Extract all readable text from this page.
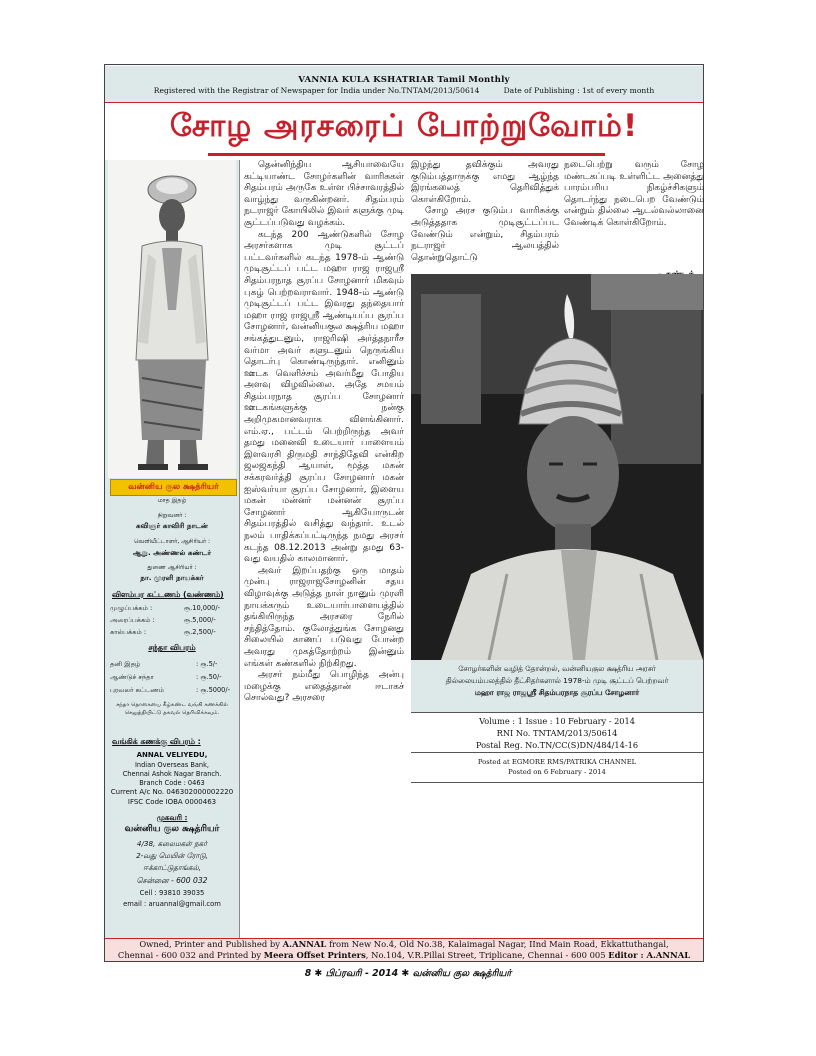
VANNIA KULA KSHATRIAR Tamil Monthly
Registered with the Registrar of Newspaper for India under No.TNTAM/2013/50614	Date of Publishing : 1st of every month
சோழ அரசரைப் போற்றுவோம்!
வன்னிய குல க்ஷத்ரியர்
மாத இதழ்
நிறுவனர் :
கவிஞர் காவிரி நாடன்
வெளியீட்டாளர், ஆசிரியர் :
ஆறு. அண்ணல் கண்டர்
துணை ஆசிரியர் :
நா. முரளி நாயக்கர்
விளம்பர கட்டணம் (வண்ணம்)
முழுப்பக்கம் :	ரூ.10,000/-
அரைப்பக்கம் :	ரூ.5,000/-
கால்பக்கம் :	ரூ.2,500/-
சந்தா விபரம்
தனி இதழ்	: ரூ.5/-
ஆண்டுச் சந்தா	: ரூ.50/-
புரவலர் கட்டணம்	: ரூ.5000/-
சந்தா தொகையை கீழ்கண்ட வங்கி கணக்கில் செலுத்தியிட்டு தகவல் தெரிவிக்கவும்.
வங்கிக் கணக்கு விபரம் :
ANNAL VELIYEDU,
Indian Overseas Bank,
Chennai Ashok Nagar Branch.
Branch Code : 0463
Current A/c No. 046302000002220
IFSC Code IOBA 0000463
முகவரி :
வன்னிய குல க்ஷத்ரியர்
4/38, கலைமகள் நகர்
2-வது மெயின் ரோடு,
ஈக்காட்டுதாங்கல்,
சென்னை - 600 032
Cell : 93810 39035
email : aruannal@gmail.com

தென்னிந்திய ஆசியாவையே கட்டியாண்ட சோழர்களின் வாரிசுகள் சிதம்பரம் அருகே உள்ள பிச்சாவரத்தில் வாழ்ந்து வருகின்றனர். சிதம்பரம் நடராஜர் கோயிலில் இவர் களுக்கு முடி சூட்டப்படுவது வழக்கம்.

கடந்த 200 ஆண்டுகளில் சோழ அரசர்களாக முடி சூட்டப் பட்டவர்களில் கடந்த 1978-ம் ஆண்டு முடிசூட்டப் பட்ட மஹா ராஜ ராஜஸ்ரீ சிதம்பரநாத சூரப்ப சோழனார் மிகவும் புகழ் பெற்றவராவார். 1948-ம் ஆண்டு முடிசூட்டப் பட்ட இவரது தந்தையார் மஹா ராஜ ராஜஸ்ரீ ஆண்டியப்ப சூரப்ப சோழனார், வன்னியகுல க்ஷத்ரிய மஹா சங்கத்துடனும், ராஜரிஷி அர்த்தநாரீச வர்மா அவர் களுடனும் நெருங்கிய தொடர்பு கொண்டிருந்தார். எனினும் ஊடக வெளிச்சம் அவர்மீது போதிய அளவு விழவில்லை. அதே சமயம் சிதம்பரநாத சூரப்ப சோழனார் ஊடகங்களுக்கு நன்கு அறிமுகமானவராக விளங்கினார். எம்.ஏ., பட்டம் பெற்றிருந்த அவர் தமது மனைவி உடையார் பாளையம் இளவரசி திருமதி சாந்திதேவி என்கிற ஜலஜகந்தி ஆயாள், மூத்த மகன் சக்கரவர்த்தி சூரப்ப சோழனார் மகன் ஐஸ்வர்யா சூரப்ப சோழனார், இளைய மகன் மன்னர் மன்னன் சூரப்ப சோழனார் ஆகியோருடன் சிதம்பரத்தில் வசித்து வந்தார். உடல் நலம் பாதிக்கப்பட்டிருந்த நமது அரசர் கடந்த 08.12.2013 அன்று தமது 63-வது வயதில் காலமானார்.

அவர் இறப்பதற்கு ஒரு மாதம் முன்பு ராஜராஜசோழனின் சதய விழாவுக்கு அடுத்த நாள் நானும் முரளி நாயக்கரும் உடையார்பாளையத்தில் தங்கியிருந்த அரசரை நேரில் சந்தித்தோம். குலோத்துங்க சோழனது சிலையில் காணப் படுவது போன்ற அவரது முகத்தோற்றம் இன்னும் எங்கள் கண்களில் நிற்கிறது.

அரசர் நம்மீது பொழிந்த அன்பு மழைக்கு எதைத்தான் ஈடாகச் சொல்வது? அரசரை

இழந்து தவிக்கும் அவரது குடும்பத்தாருக்கு எமது ஆழ்ந்த இரங்கலைத் தெரிவித்துக் கொள்கிறோம்.

சோழ அரச குடும்ப வாரிசுக்கு அடுத்ததாக முடிசூட்டப்பட வேண்டும் என்றும், சிதம்பரம் நடராஜர் ஆலயத்தில் தொன்றுதொட்டு

நடைபெற்று வரும் சோழ மண்டகப்படி உள்ளிட்ட அனைத்து பாரம்பரிய நிகழ்ச்சிகளும் தொடர்ந்து நடைபெற வேண்டும் என்றும் தில்லை ஆடல்வல்லானை வேண்டிக் கொள்கிறோம்.

சோழர்களின் வழித் தோன்றல், வன்னியகுல க்ஷத்ரிய அரசர்
தில்லையம்பலத்தில் தீட்சிதர்களால் 1978-ம் முடி சூட்டப் பெற்றவர்
மஹா ராஜ ராஜஸ்ரீ சிதம்பரநாத சூரப்ப சோழனார்
Volume : 1 Issue : 10 February - 2014
RNI No. TNTAM/2013/50614
Postal Reg. No.TN/CC(S)DN/484/14-16
Posted at EGMORE RMS/PATRIKA CHANNEL
Posted on 6 February - 2014
Owned, Printer and Published by A.ANNAL from New No.4, Old No.38, Kalaimagal Nagar, IInd Main Road, Ekkattuthangal,
Chennai - 600 032 and Printed by Meera Offset Printers, No.104, V.R.Pillai Street, Triplicane, Chennai - 600 005 Editor : A.ANNAL
8 ✱ பிப்ரவரி - 2014 ✱ வன்னிய குல க்ஷத்ரியர்
